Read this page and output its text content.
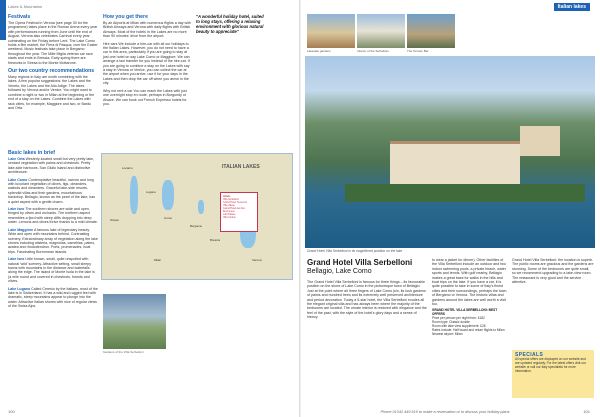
Lakes & Mountains	Italian lakes
Festivals

The Opera Festival in Verona (see page 30 for the programme) takes place in the Roman Arena every year with performances running from June until the end of August. Verona also celebrates Carnival every year culminating on the Friday before Lent. The Lake Como holds a film market, the Fiera di Pasqua, over the Easter weekend. Music festivals take place in Bergamo throughout the year. The Mille Miglia veteran car race starts and ends in Brescia. Early spring there are fireworks in Stresa to the Monte Mottarone.

Our two country recommendations

Many regions in Italy are worth combining with the lakes. A few popular suggestions: the Lakes and the Veneto, the Lakes and the Alto Adige. The lakes followed by Verona and/or Venice. You might want to combine a night or two in Milan at the beginning or the end of a stay on the Lakes. Combine the Lakes with rack cities, for example, Maggiore and two, or Bardu and Orta.

How you get there

By air Airports at Milan with numerous flights a day with British Airways and Verona with daily flights with British Airways. Most of the hotels in the Lakes are no more than 90 minutes' drive from the airport.

Hire cars We include a hire-car with all our holidays to the Italian Lakes. However, you do not need to have a car in this area, particularly if you are going to stay at just one hotel on say Lake Como or Maggiore. We can arrange a taxi transfer for you instead of the hire-car. If you are going to combine a stay on the Lakes with say a stay in Verona or Venice, you can collect the car at the airport when you arrive, use it for your days in the Lakes and then drop the car off when you arrive in the city.

Why not rent a car You can reach the Lakes with just one overnight stop en route, perhaps in Burgundy or Alsace. We can book out French Expresso hotels for you.

"A wonderful holiday hotel, suited to long stays, offering a relaxing environment with glorious natural beauty to appreciate"
Basic lakes in brief

Lake Orta Westerly-located small but very pretty lake, verdant vegetation with palms and chestnuts. Pretty lake-side harbours. San Giulio island and distinctive architecture.

Lake Como Contemplative beautiful, narrow and long with luxuriant vegetation of olives, figs, oleanders, walnuts and oleanders. Graceful lake-side resorts, splendid villas and their gardens, mountainous backdrop. Bellagio, known as the pearl of the lake, has a quiet aspect with a gentle charm.

Lake Iseo The southern shores are wide and open, fringed by olives and orchards. The northern aspect resembles a fjord with steep cliffs dropping into deep water. Lemons and olives thrive thanks to a mild climate.

Lake Maggiore A famous lake of legendary beauty. Wide and open with mountains behind. Contrasting scenery. Extraordinary array of vegetation along the lake shores including wisteria, magnolias, camellias, palms, azalea and rhododendron. Ports, promenades, boat trips. Fascinating Borromean islands.

Lake Iseo Little known, small, quite unspoiled with natural 'wild' scenery. Attractive setting, small sleepy towns with mountains in the distance and waterfalls along the edge. The island of Monte Isola in the lake is (a mile round and covered in chestnuts, forests and olives.

Lake Lugano Called Ceresio by the Italians, most of the lake is in Switzerland. It has a wild and rugged feel with dramatic, steep mountains appear to plunge into the water. Attractive Italian shores with nice of regular views of the Swiss Alps.

ITALIAN LAKES
Locarno
Lugano
Como
Bergamo
Brescia
Verona
Milan
Stresa
Hotels
Villa Serbelloni
Grand Hotel Tremezzo
Villa d'Este
Grand Hotel des Iles Borromees
Lido Palace
Villa Cortine
Gardens of the Villa Serbelloni
100
Lakeside gardens	Interior of the Serbelloni	The Terrace Bar
Grand Hotel Villa Serbelloni in its magnificent position on the lake
Grand Hotel Villa Serbelloni
Bellagio, Lake Como

The Grand Hotel Villa Serbelloni is famous for three things – its favourable position on the shore of Lake Como in the picturesque town of Bellagio. Just at the point where all three fingers of Lake Como join, its lush gardens of palms and hundred trees and its extremely well preserved architecture and period decoration. Today a 5-star hotel, the Villa Serbelloni exudes all the elegant original villa and has always been where the majority of the bedrooms are located. The ornate interior is restored with elegance and the feel of the past, with the style of the hotel's glory days and a sense of history.

to wear a jacket for dinner). Other facilities of the Villa Serbelloni include an outdoor and two indoor swimming pools, a private beach, water sports and tennis. With golf nearby, Bellagio makes a great base for walks in the hills and boat trips on the lake. If you have a car, it is quite possible to take in some of Italy's finest cities and their surroundings, perhaps the town of Bergamo or Verona. The historic villas and gardens around the lakes are well worth a visit too.

GRAND HOTEL VILLA SERBELLONI: BEST OFFERS
Price per person per night from: £182
Room type: Classic double
Room with lake view supplement: £28
Rates include: Half board and return flights to Milan
Nearest airport: Milan

Grand Hotel Villa Serbelloni: the location is superb. The public rooms are gracious and the gardens are stunning. Some of the bedrooms are quite small, so we recommend upgrading to a lake-view room. The restaurant is very good and the service attentive.

SPECIALS
All special offers are displayed on our website and are updated regularly. For the latest offers visit our website or call our Italy specialists for more information.
Phone 01342 449 610 to make a reservation or to discuss your holiday plans	101
